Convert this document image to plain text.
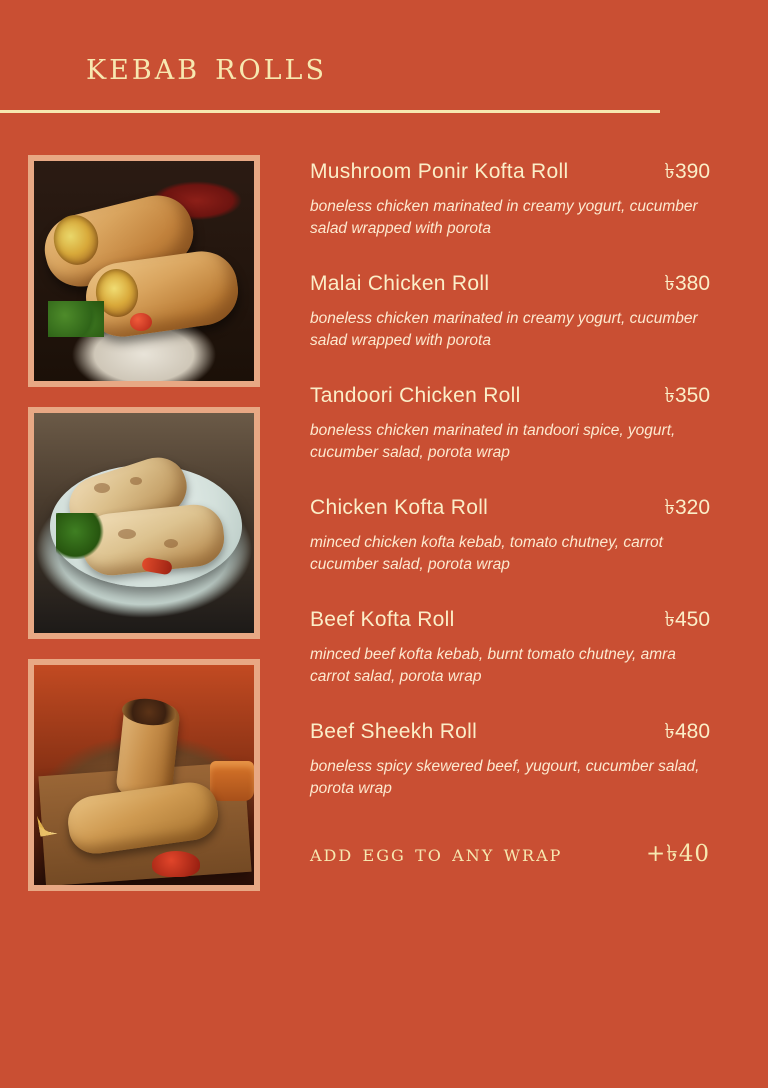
kebab rolls
Mushroom Ponir Kofta Roll	৳390
boneless chicken marinated in creamy yogurt, cucumber salad wrapped with porota
Malai Chicken Roll	৳380
boneless chicken marinated in creamy yogurt, cucumber salad wrapped with porota
Tandoori Chicken Roll	৳350
boneless chicken marinated in tandoori spice, yogurt, cucumber salad, porota wrap
Chicken Kofta Roll	৳320
minced chicken kofta kebab, tomato chutney, carrot cucumber salad, porota wrap
Beef Kofta Roll	৳450
minced beef kofta kebab, burnt tomato chutney, amra carrot salad, porota wrap
Beef Sheekh Roll	৳480
boneless spicy skewered beef, yugourt, cucumber salad, porota wrap
add egg to any wrap	+৳40
